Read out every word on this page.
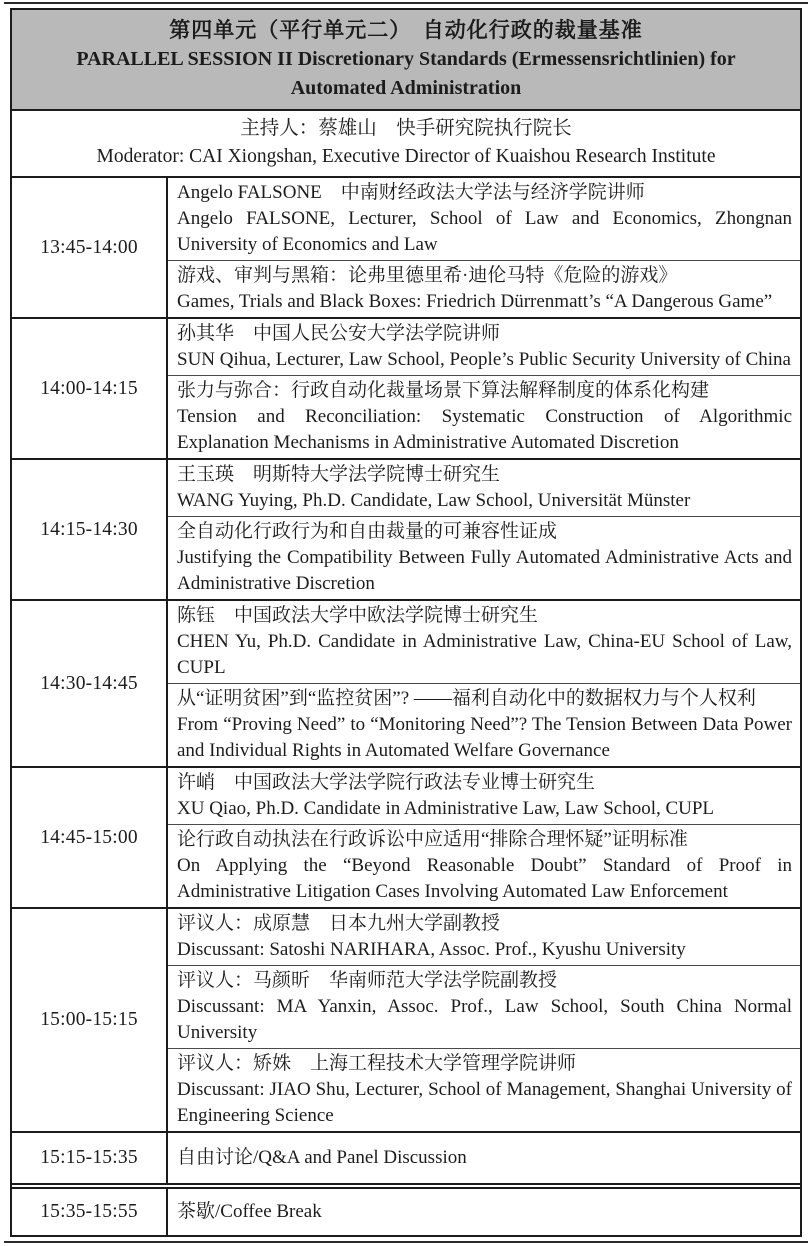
第四单元（平行单元二）　自动化行政的裁量基准

PARALLEL SESSION II Discretionary Standards (Ermessensrichtlinien) for Automated Administration

主持人：蔡雄山　快手研究院执行院长

Moderator: CAI Xiongshan, Executive Director of Kuaishou Research Institute

13:45-14:00

Angelo FALSONE　中南财经政法大学法与经济学院讲师

Angelo FALSONE, Lecturer, School of Law and Economics, Zhongnan University of Economics and Law

游戏、审判与黑箱：论弗里德里希·迪伦马特《危险的游戏》

Games, Trials and Black Boxes: Friedrich Dürrenmatt’s “A Dangerous Game”

14:00-14:15

孙其华　中国人民公安大学法学院讲师

SUN Qihua, Lecturer, Law School, People’s Public Security University of China

张力与弥合：行政自动化裁量场景下算法解释制度的体系化构建

Tension and Reconciliation: Systematic Construction of Algorithmic Explanation Mechanisms in Administrative Automated Discretion

14:15-14:30

王玉瑛　明斯特大学法学院博士研究生

WANG Yuying, Ph.D. Candidate, Law School, Universität Münster

全自动化行政行为和自由裁量的可兼容性证成

Justifying the Compatibility Between Fully Automated Administrative Acts and Administrative Discretion

14:30-14:45

陈钰　中国政法大学中欧法学院博士研究生

CHEN Yu, Ph.D. Candidate in Administrative Law, China-EU School of Law, CUPL

从“证明贫困”到“监控贫困”? ——福利自动化中的数据权力与个人权利

From “Proving Need” to “Monitoring Need”? The Tension Between Data Power and Individual Rights in Automated Welfare Governance

14:45-15:00

许峭　中国政法大学法学院行政法专业博士研究生

XU Qiao, Ph.D. Candidate in Administrative Law, Law School, CUPL

论行政自动执法在行政诉讼中应适用“排除合理怀疑”证明标准

On Applying the “Beyond Reasonable Doubt” Standard of Proof in Administrative Litigation Cases Involving Automated Law Enforcement

15:00-15:15

评议人：成原慧　日本九州大学副教授

Discussant: Satoshi NARIHARA, Assoc. Prof., Kyushu University

评议人：马颜昕　华南师范大学法学院副教授

Discussant: MA Yanxin, Assoc. Prof., Law School, South China Normal University

评议人：矫姝　上海工程技术大学管理学院讲师

Discussant: JIAO Shu, Lecturer, School of Management, Shanghai University of Engineering Science

15:15-15:35	自由讨论/Q&A and Panel Discussion

15:35-15:55	茶歇/Coffee Break
